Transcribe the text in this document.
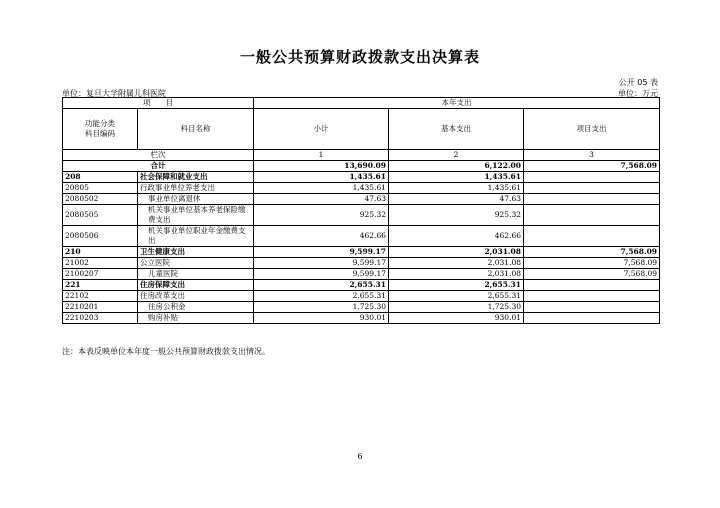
一般公共预算财政拨款支出决算表
公开 05 表
单位：复旦大学附属儿科医院	单位：万元
项　　目		本年支出		
功能分类
科目编码	科目名称	小计	基本支出	项目支出
栏次		1	2	3
合计		13,690.09	6,122.00	7,568.09
208	社会保障和就业支出	1,435.61	1,435.61	
20805	行政事业单位养老支出	1,435.61	1,435.61	
2080502	事业单位离退休	47.63	47.63	
2080505	机关事业单位基本养老保险缴费支出	925.32	925.32	
2080506	机关事业单位职业年金缴费支出	462.66	462.66	
210	卫生健康支出	9,599.17	2,031.08	7,568.09
21002	公立医院	9,599.17	2,031.08	7,568.09
2100207	儿童医院	9,599.17	2,031.08	7,568.09
221	住房保障支出	2,655.31	2,655.31	
22102	住房改革支出	2,655.31	2,655.31	
2210201	住房公积金	1,725.30	1,725.30	
2210203	购房补贴	930.01	930.01	
注：本表反映单位本年度一般公共预算财政拨款支出情况。
6
